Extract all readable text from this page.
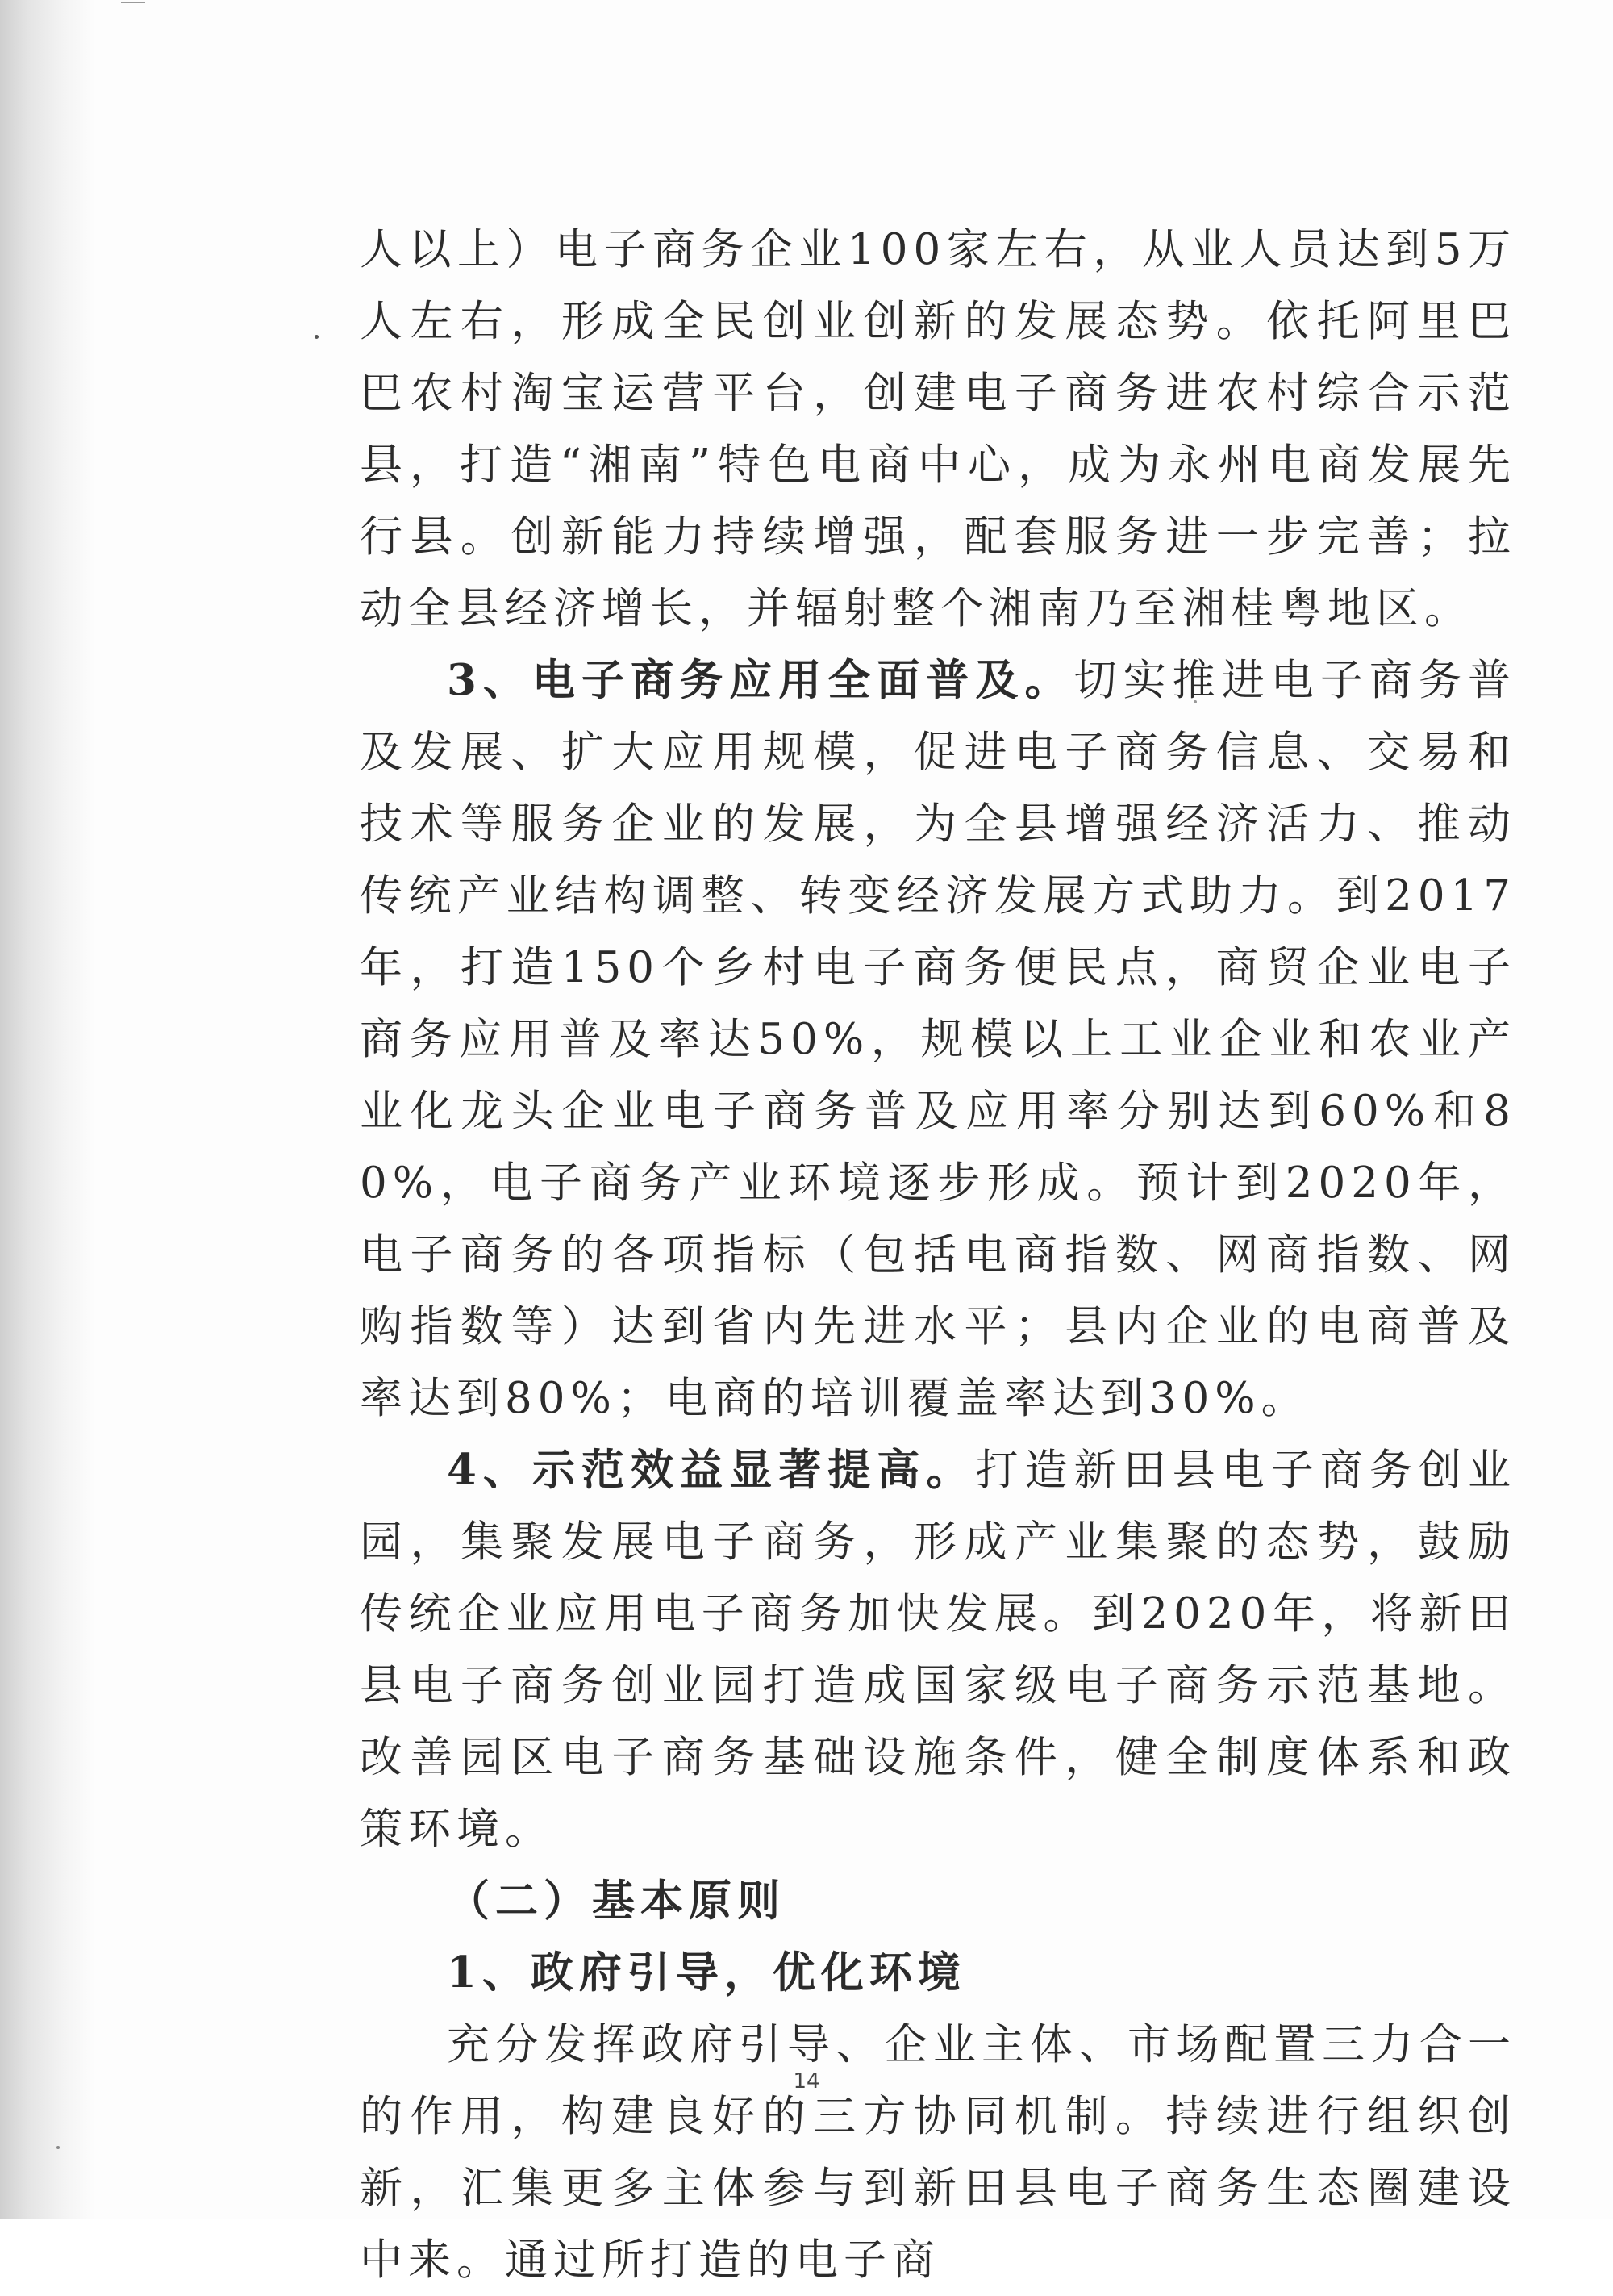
人以上）电子商务企业100家左右，从业人员达到5万人左右，形成全民创业创新的发展态势。依托阿里巴巴农村淘宝运营平台，创建电子商务进农村综合示范县，打造“湘南”特色电商中心，成为永州电商发展先行县。创新能力持续增强，配套服务进一步完善；拉动全县经济增长，并辐射整个湘南乃至湘桂粤地区。

3、电子商务应用全面普及。切实推进电子商务普及发展、扩大应用规模，促进电子商务信息、交易和技术等服务企业的发展，为全县增强经济活力、推动传统产业结构调整、转变经济发展方式助力。到2017年，打造150个乡村电子商务便民点，商贸企业电子商务应用普及率达50%，规模以上工业企业和农业产业化龙头企业电子商务普及应用率分别达到60%和80%，电子商务产业环境逐步形成。预计到2020年，电子商务的各项指标（包括电商指数、网商指数、网购指数等）达到省内先进水平；县内企业的电商普及率达到80%；电商的培训覆盖率达到30%。

4、示范效益显著提高。打造新田县电子商务创业园，集聚发展电子商务，形成产业集聚的态势，鼓励传统企业应用电子商务加快发展。到2020年，将新田县电子商务创业园打造成国家级电子商务示范基地。改善园区电子商务基础设施条件，健全制度体系和政策环境。

（二）基本原则

1、政府引导，优化环境

充分发挥政府引导、企业主体、市场配置三力合一的作用，构建良好的三方协同机制。持续进行组织创新，汇集更多主体参与到新田县电子商务生态圈建设中来。通过所打造的电子商

14
